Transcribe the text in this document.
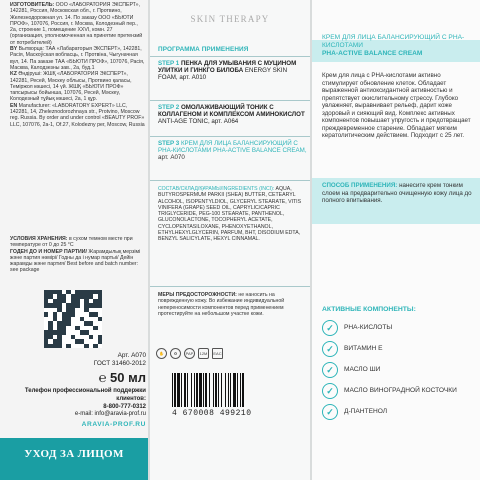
ИЗГОТОВИТЕЛЬ: ООО «ЛАБОРАТОРИЯ ЭКСПЕРТ», 142281, Россия, Московская обл., г. Протвино, Железнодорожная ул. 14. По заказу ООО «БЬЮТИ ПРОФ», 107076, Россия, г. Москва, Колодезный пер., 2а, строение 1, помещение XXVI, комн. 27 (организация, уполномоченная на принятие претензий от потребителей)
BY Вытворца: ТАА «Лабараторыя ЭКСПЕРТ», 142281, Расія, Маскоўская вобласць, г. Протвіна, Чыгуначная вул, 14. Па заказе ТАА «БЬЮТИ ПРОФ», 107076, Расія, Масква, Калодзезны зав., 2а, буд.1
KZ Өндіруші: ЖШҚ «ЛАБОРАТОРИЯ ЭКСПЕРТ», 142281, Ресей, Мәскеу облысы, Протвино қаласы, Теміржол көшесі, 14 үй. ЖШҚ «БЬЮТИ ПРОФ» тапсырысы бойынша, 107076, Ресей, Мәскеу, Колодезный тұйық көшесі, 2а, 1 құр.
EN Manufacturer: «LABORATORY EXPERT» LLC, 142281, 14, Zheleznodorozhnaya str., Protvino, Moscow reg. Russia. By order and under control «BEAUTY PROF» LLC, 107076, 2a-1, Of.27, Kolodezny per, Moscow, Russia
УСЛОВИЯ ХРАНЕНИЯ: в сухом темном месте при температуре от 0 до 25 °С
ГОДЕН ДО И НОМЕР ПАРТИИ/ Жарамдылық мерзімі және партия нөмірі/ Годны да і нумар партыі/ Дейін жарамды және партия/ Best before and batch number: see package
Арт. А070
ГОСТ 31460-2012
℮ 50 мл
Телефон профессиональной поддержки клиентов:
8-800-777-0312
e-mail: info@aravia-prof.ru
ARAVIA-PROF.RU
УХОД ЗА ЛИЦОМ
SKIN THERAPY
ПРОГРАММА ПРИМЕНЕНИЯ
STEP 1 ПЕНКА ДЛЯ УМЫВАНИЯ С МУЦИНОМ УЛИТКИ И ГИНКГО БИЛОБА ENERGY SKIN FOAM, арт. А010
STEP 2 ОМОЛАЖИВАЮЩИЙ ТОНИК С КОЛЛАГЕНОМ И КОМПЛЕКСОМ АМИНОКИСЛОТ ANTI-AGE TONIC, арт. А064
STEP 3 КРЕМ ДЛЯ ЛИЦА БАЛАНСИРУЮЩИЙ С РНА-КИСЛОТАМИ PHA-ACTIVE BALANCE CREAM, арт. А070
СОСТАВ/СКЛАД/ҚҰРАМЫ/INGREDIENTS (INCI): AQUA, BUTYROSPERMUM PARKII (SHEA) BUTTER, CETEARYL ALCOHOL, ISOPENTYLDIOL, GLYCERYL STEARATE, VITIS VINIFERA (GRAPE) SEED OIL, CAPRYLIC/CAPRIC TRIGLYCERIDE, PEG-100 STEARATE, PANTHENOL, GLUCONOLACTONE, TOCOPHERYL ACETATE, CYCLOPENTASILOXANE, PHENOXYETHANOL, ETHYLHEXYLGLYCERIN, PARFUM, BHT, DISODIUM EDTA, BENZYL SALICYLATE, HEXYL CINNAMAL.
МЕРЫ ПРЕДОСТОРОЖНОСТИ: не наносить на поврежденную кожу. Во избежание индивидуальной непереносимости компонентов перед применением протестируйте на небольшом участке кожи.
✋	♻	PAP	12M	EAC
4 670008 499210
КРЕМ ДЛЯ ЛИЦА БАЛАНСИРУЮЩИЙ С РНА-КИСЛОТАМИ
PHA-ACTIVE BALANCE CREAM
Крем для лица с РНА-кислотами активно стимулирует обновление клеток. Обладает выраженной антиоксидантной активностью и препятствует окислительному стрессу. Глубоко увлажняет, выравнивает рельеф, дарит коже здоровый и сияющий вид. Комплекс активных компонентов повышает упругость и предотвращает преждевременное старение. Обладает мягким кератолитическим действием. Подходит с 25 лет.
СПОСОБ ПРИМЕНЕНИЯ: нанесите крем тонким слоем на предварительно очищенную кожу лица до полного впитывания.
АКТИВНЫЕ КОМПОНЕНТЫ:
✓	РНА-КИСЛОТЫ
✓	ВИТАМИН Е
✓	МАСЛО ШИ
✓	МАСЛО ВИНОГРАДНОЙ КОСТОЧКИ
✓	Д-ПАНТЕНОЛ
